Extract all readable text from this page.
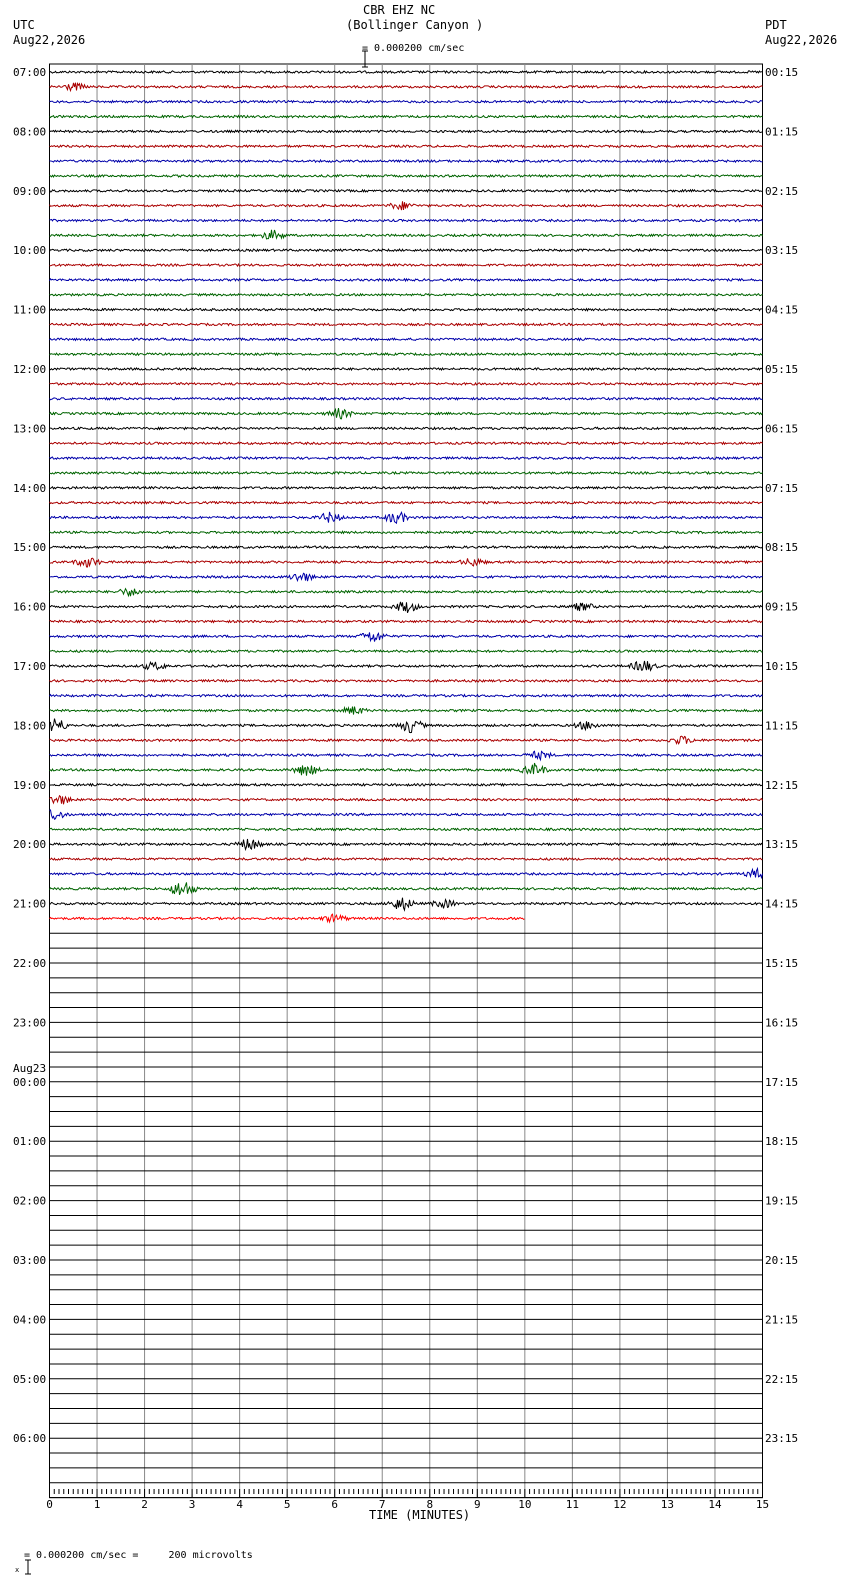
CBR EHZ NC
(Bollinger Canyon )

= 0.000200 cm/sec
UTC
Aug22,2026
PDT
Aug22,2026
07:00
08:00
09:00
10:00
11:00
12:00
13:00
14:00
15:00
16:00
17:00
18:00
19:00
20:00
21:00
22:00
23:00
00:00
Aug23
01:00
02:00
03:00
04:00
05:00
06:00
00:15
01:15
02:15
03:15
04:15
05:15
06:15
07:15
08:15
09:15
10:15
11:15
12:15
13:15
14:15
15:15
16:15
17:15
18:15
19:15
20:15
21:15
22:15
23:15
0	1	2	3	4	5	6	7	8	9	10	11	12	13	14	15
TIME (MINUTES)

x

= 0.000200 cm/sec =     200 microvolts
